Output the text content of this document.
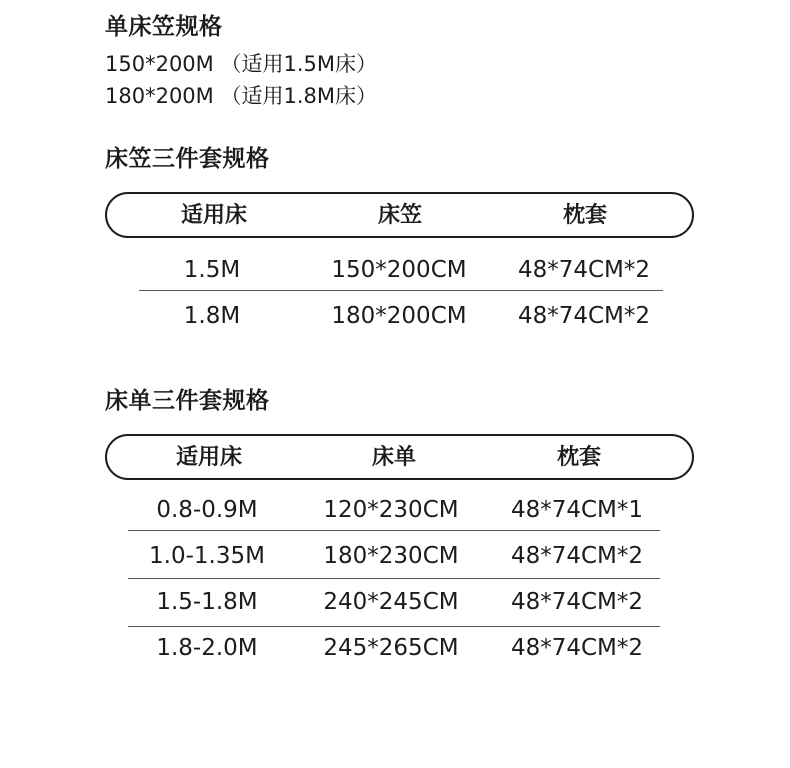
单床笠规格

150*200M （适用1.5M床）

180*200M （适用1.8M床）

床笠三件套规格
适用床	床笠	枕套
1.5M	150*200CM 48*74CM*2
1.8M	180*200CM 48*74CM*2
床单三件套规格
适用床	床单	枕套
0.8-0.9M	120*230CM 48*74CM*1
1.0-1.35M	180*230CM 48*74CM*2
1.5-1.8M	240*245CM 48*74CM*2
1.8-2.0M	245*265CM 48*74CM*2
